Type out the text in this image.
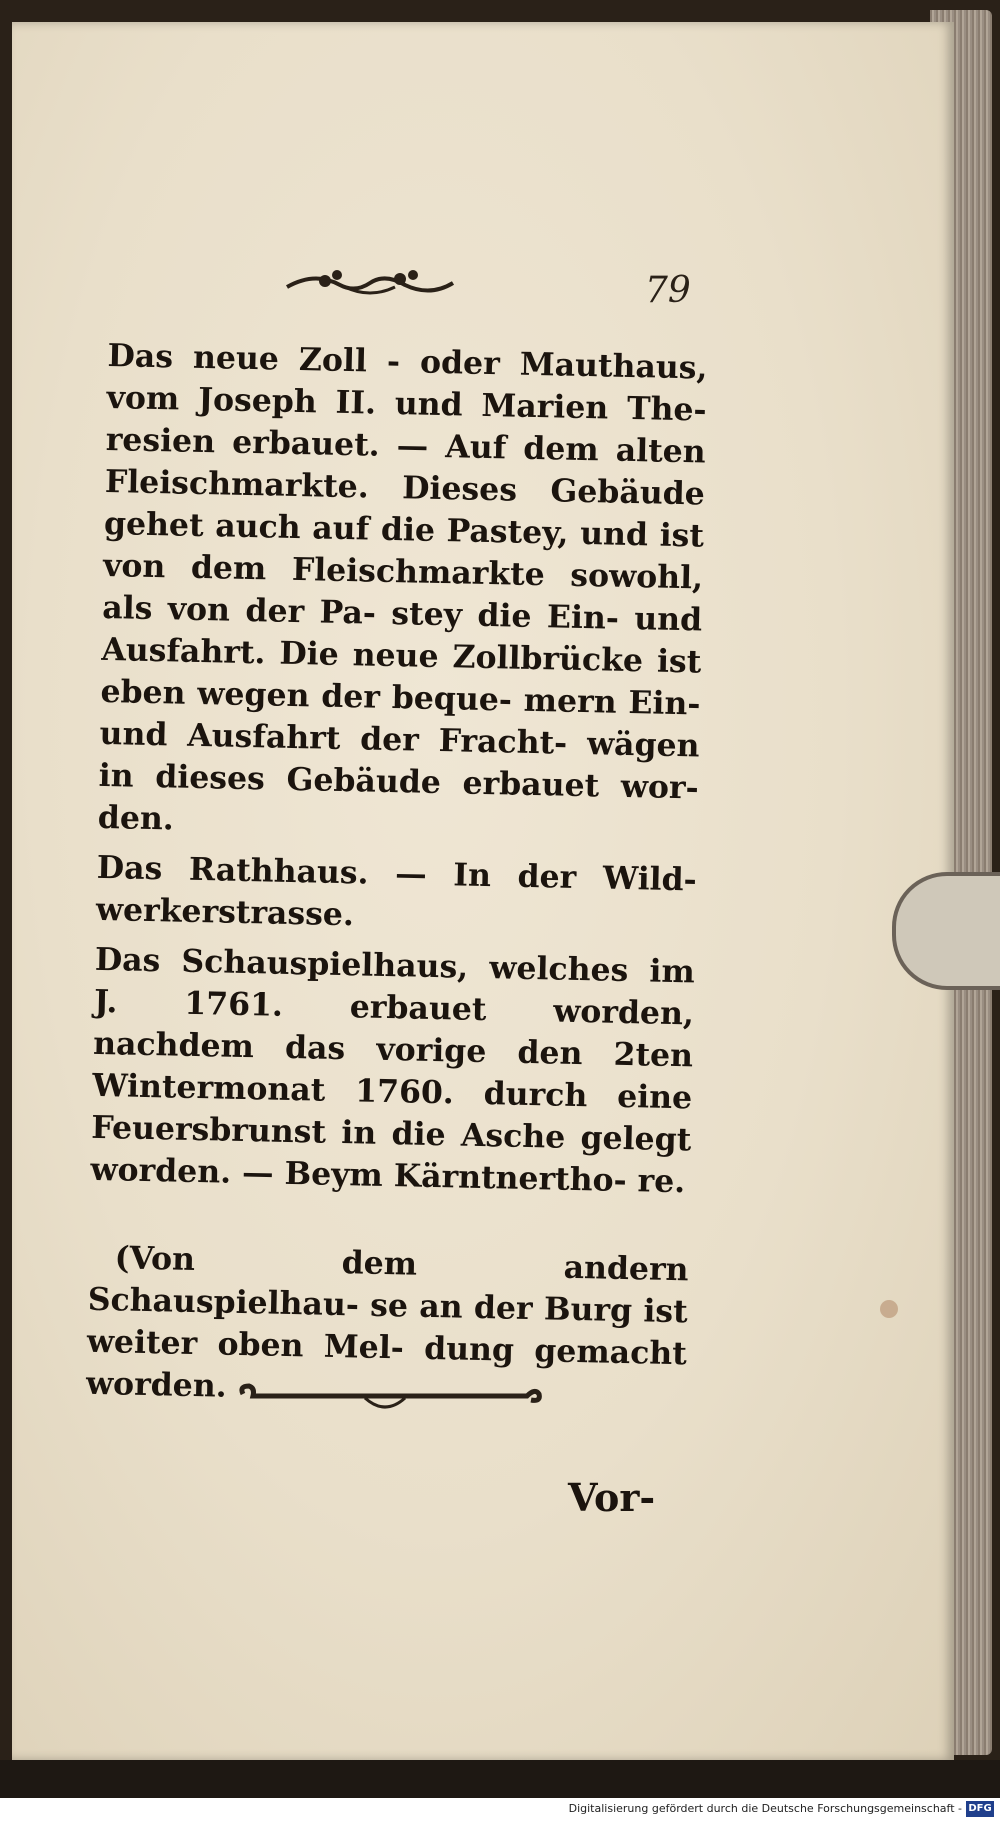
79

Das neue Zoll - oder Mauthaus, vom Joseph II. und Marien The- resien erbauet. — Auf dem alten Fleischmarkte. Dieses Gebäude gehet auch auf die Pastey, und ist von dem Fleischmarkte sowohl, als von der Pa- stey die Ein- und Ausfahrt. Die neue Zollbrücke ist eben wegen der beque- mern Ein- und Ausfahrt der Fracht- wägen in dieses Gebäude erbauet wor- den.

Das Rathhaus. — In der Wild- werkerstrasse.

Das Schauspielhaus, welches im J. 1761. erbauet worden, nachdem das vorige den 2ten Wintermonat 1760. durch eine Feuersbrunst in die Asche gelegt worden. — Beym Kärntnertho- re.

(Von dem andern Schauspielhau- se an der Burg ist weiter oben Mel- dung gemacht worden.

Vor-
Digitalisierung gefördert durch die Deutsche Forschungsgemeinschaft - DFG
